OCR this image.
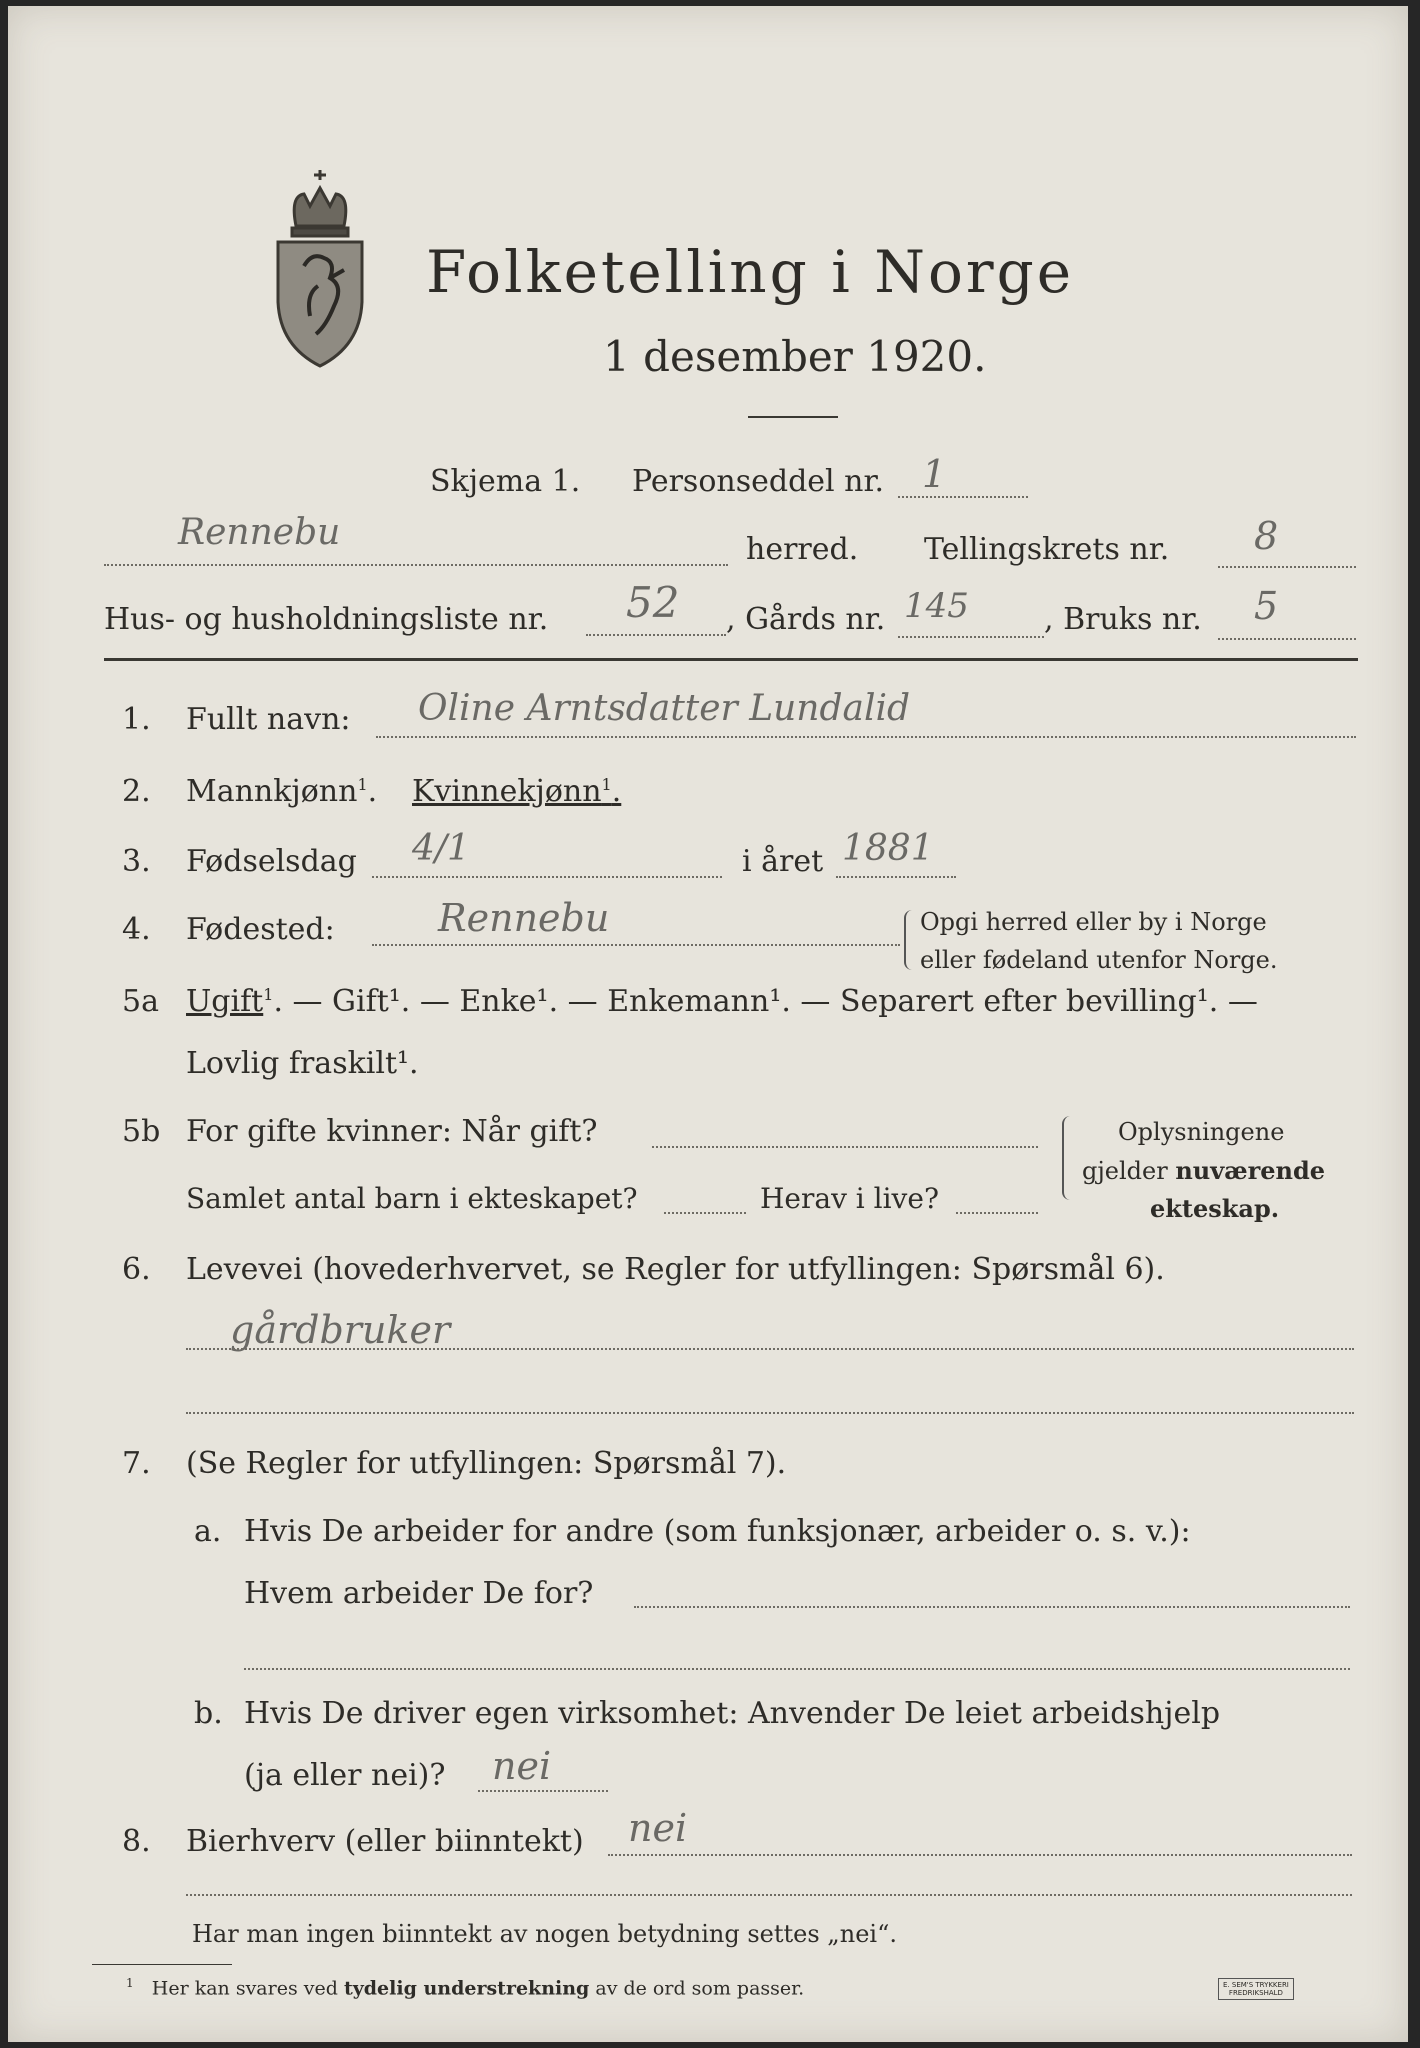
Folketelling i Norge
1 desember 1920.
Skjema 1. Personseddel nr. 1
Rennebu	herred. Tellingskrets nr. 8
Hus- og husholdningsliste nr. 52 , Gårds nr. 145	, Bruks nr. 5
1. Fullt navn: Oline Arntsdatter Lundalid
2. Mannkjønn$^1$. Kvinnekjønn$^1$.
3. Fødselsdag 4/1	i året 1881
4. Fødested:	Rennebu	Opgi herred eller by i Norge
eller fødeland utenfor Norge.
5a Ugift$^1$. — Gift¹. — Enke¹. — Enkemann¹. — Separert efter bevilling¹. —
Lovlig fraskilt¹.
5b For gifte kvinner: Når gift?
Samlet antal barn i ekteskapet?	Herav i live?
Oplysningene
gjelder nuværende
ekteskap.
6. Levevei (hovederhvervet, se Regler for utfyllingen: Spørsmål 6).
gårdbruker
7. (Se Regler for utfyllingen: Spørsmål 7).
a. Hvis De arbeider for andre (som funksjonær, arbeider o. s. v.):
Hvem arbeider De for?
b. Hvis De driver egen virksomhet: Anvender De leiet arbeidshjelp
(ja eller nei)? nei
8. Bierhverv (eller biinntekt) nei
Har man ingen biinntekt av nogen betydning settes „nei“.
$^1$ Her kan svares ved tydelig understrekning av de ord som passer.	E. SEM'S TRYKKERI
FREDRIKSHALD
